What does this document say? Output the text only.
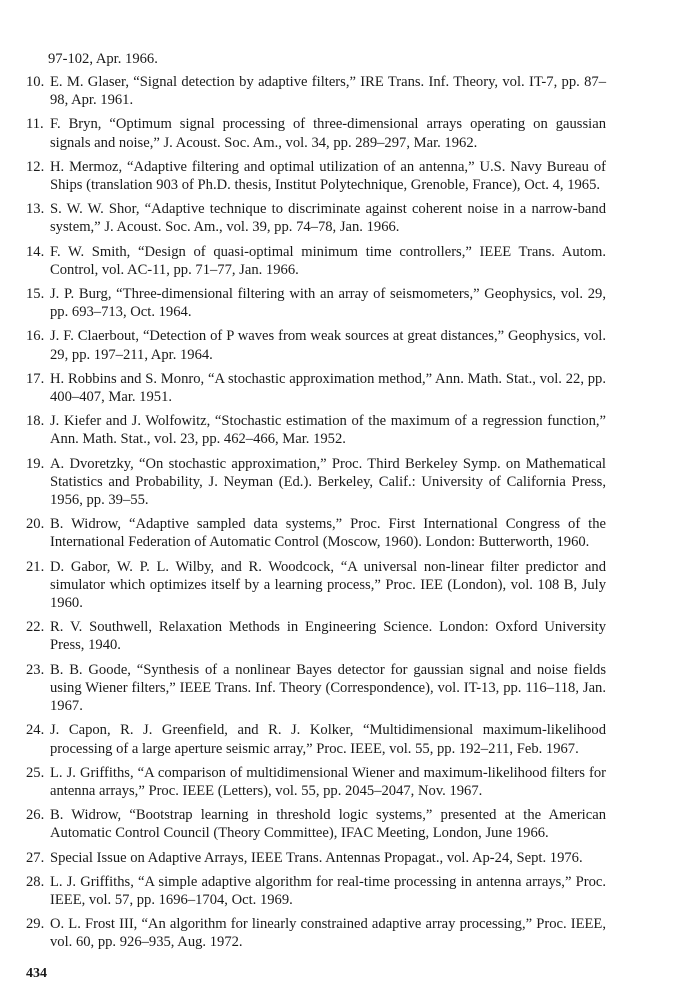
97-102, Apr. 1966.
10. E. M. Glaser, “Signal detection by adaptive filters,” IRE Trans. Inf. Theory, vol. IT-7, pp. 87–98, Apr. 1961.
11. F. Bryn, “Optimum signal processing of three-dimensional arrays operating on gaussian signals and noise,” J. Acoust. Soc. Am., vol. 34, pp. 289–297, Mar. 1962.
12. H. Mermoz, “Adaptive filtering and optimal utilization of an antenna,” U.S. Navy Bureau of Ships (translation 903 of Ph.D. thesis, Institut Polytechnique, Grenoble, France), Oct. 4, 1965.
13. S. W. W. Shor, “Adaptive technique to discriminate against coherent noise in a narrow-band system,” J. Acoust. Soc. Am., vol. 39, pp. 74–78, Jan. 1966.
14. F. W. Smith, “Design of quasi-optimal minimum time controllers,” IEEE Trans. Autom. Control, vol. AC-11, pp. 71–77, Jan. 1966.
15. J. P. Burg, “Three-dimensional filtering with an array of seismometers,” Geophysics, vol. 29, pp. 693–713, Oct. 1964.
16. J. F. Claerbout, “Detection of P waves from weak sources at great distances,” Geophysics, vol. 29, pp. 197–211, Apr. 1964.
17. H. Robbins and S. Monro, “A stochastic approximation method,” Ann. Math. Stat., vol. 22, pp. 400–407, Mar. 1951.
18. J. Kiefer and J. Wolfowitz, “Stochastic estimation of the maximum of a regression function,” Ann. Math. Stat., vol. 23, pp. 462–466, Mar. 1952.
19. A. Dvoretzky, “On stochastic approximation,” Proc. Third Berkeley Symp. on Mathematical Statistics and Probability, J. Neyman (Ed.). Berkeley, Calif.: University of California Press, 1956, pp. 39–55.
20. B. Widrow, “Adaptive sampled data systems,” Proc. First International Congress of the International Federation of Automatic Control (Moscow, 1960). London: Butterworth, 1960.
21. D. Gabor, W. P. L. Wilby, and R. Woodcock, “A universal non-linear filter predictor and simulator which optimizes itself by a learning process,” Proc. IEE (London), vol. 108 B, July 1960.
22. R. V. Southwell, Relaxation Methods in Engineering Science. London: Oxford University Press, 1940.
23. B. B. Goode, “Synthesis of a nonlinear Bayes detector for gaussian signal and noise fields using Wiener filters,” IEEE Trans. Inf. Theory (Correspondence), vol. IT-13, pp. 116–118, Jan. 1967.
24. J. Capon, R. J. Greenfield, and R. J. Kolker, “Multidimensional maximum-likelihood processing of a large aperture seismic array,” Proc. IEEE, vol. 55, pp. 192–211, Feb. 1967.
25. L. J. Griffiths, “A comparison of multidimensional Wiener and maximum-likelihood filters for antenna arrays,” Proc. IEEE (Letters), vol. 55, pp. 2045–2047, Nov. 1967.
26. B. Widrow, “Bootstrap learning in threshold logic systems,” presented at the American Automatic Control Council (Theory Committee), IFAC Meeting, London, June 1966.
27. Special Issue on Adaptive Arrays, IEEE Trans. Antennas Propagat., vol. Ap-24, Sept. 1976.
28. L. J. Griffiths, “A simple adaptive algorithm for real-time processing in antenna arrays,” Proc. IEEE, vol. 57, pp. 1696–1704, Oct. 1969.
29. O. L. Frost III, “An algorithm for linearly constrained adaptive array processing,” Proc. IEEE, vol. 60, pp. 926–935, Aug. 1972.
434
